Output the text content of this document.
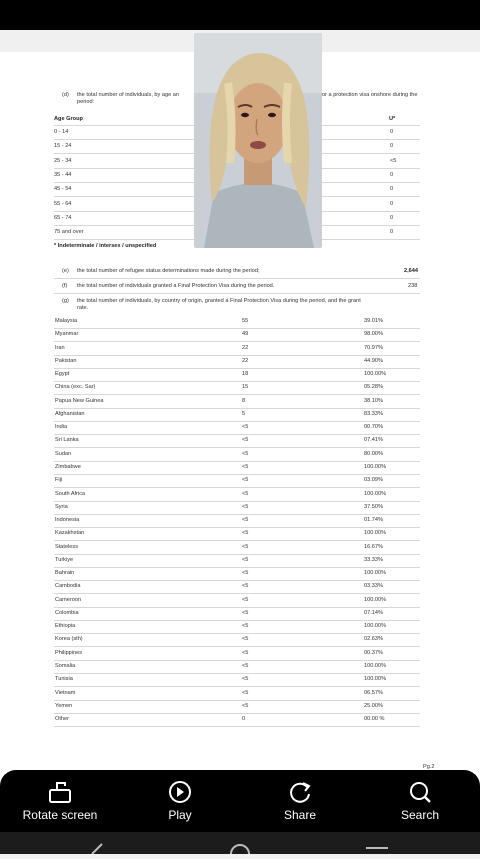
(d) the total number of individuals, by age an	or a protection visa onshore during the
period:
Age Group	U*
0 - 14	0
15 - 24	0
25 - 34	<5
35 - 44	0
45 - 54	0
55 - 64	0
65 - 74	0
75 and over	0
* Indeterminate / intersex / unspecified
(e) the total number of refugee status determinations made during the period;	2,644
(f) the total number of individuals granted a Final Protection Visa during the period.	238
(g) the total number of individuals, by country of origin, granted a Final Protection Visa during the period, and the grant
rate.
Malaysia	55	39.01%
Myanmar	49	98.00%
Iran	22	70.97%
Pakistan	22	44.90%
Egypt	18	100.00%
China (exc. Sar)	15	05.28%
Papua New Guinea	8	38.10%
Afghanistan	5	83.33%
India	<5	00.70%
Sri Lanka	<5	07.41%
Sudan	<5	80.00%
Zimbabwe	<5	100.00%
Fiji	<5	03.09%
South Africa	<5	100.00%
Syria	<5	37.50%
Indonesia	<5	01.74%
Kazakhstan	<5	100.00%
Stateless	<5	16.67%
Turkiye	<5	33.33%
Bahrain	<5	100.00%
Cambodia	<5	03.33%
Cameroon	<5	100.00%
Colombia	<5	07.14%
Ethiopia	<5	100.00%
Korea (sth)	<5	02.63%
Philippines	<5	00.37%
Somalia	<5	100.00%
Tunisia	<5	100.00%
Vietnam	<5	06.57%
Yemen	<5	25.00%
Other	0	00.00 %
Pg.2
Rotate screen	Play	Share	Search
